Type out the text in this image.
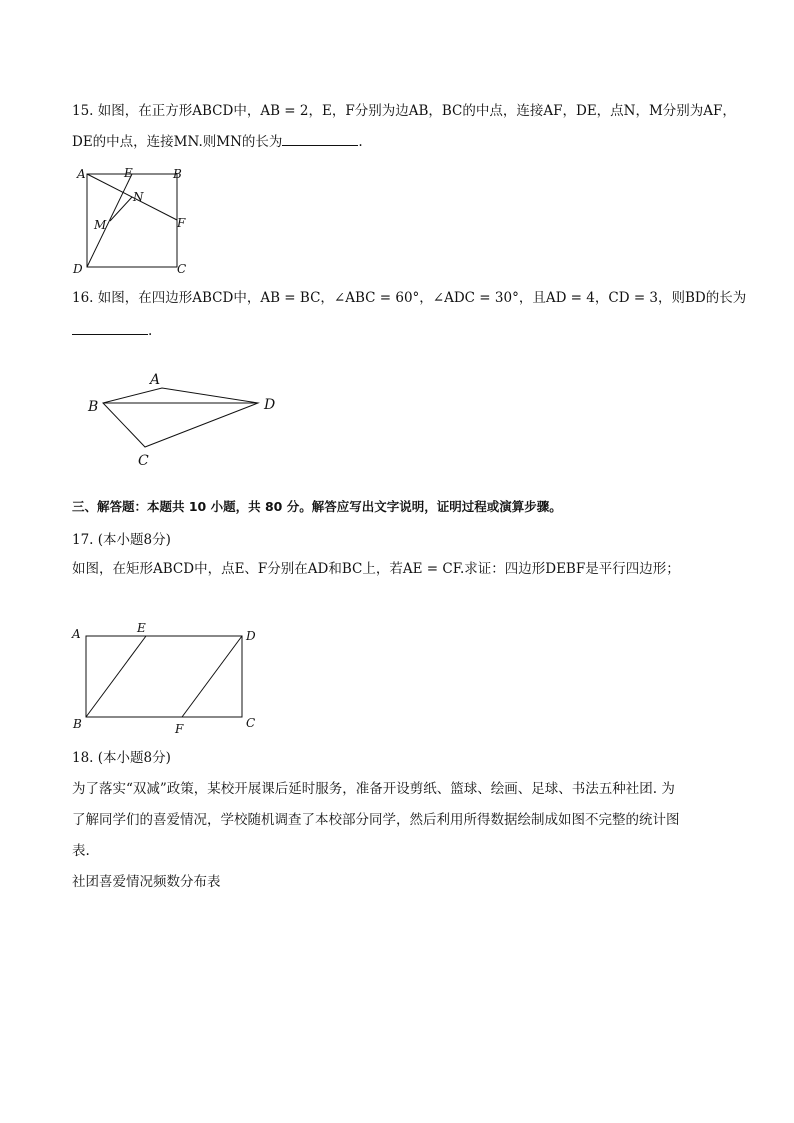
15. 如图，在正方形ABCD中，AB = 2，E，F分别为边AB，BC的中点，连接AF，DE，点N，M分别为AF，
DE的中点，连接MN.则MN的长为	.
A	E	B
N
M	F
D	C
16. 如图，在四边形ABCD中，AB = BC，∠ABC = 60°，∠ADC = 30°，且AD = 4，CD = 3，则BD的长为
.
A
B	D
C
三、解答题：本题共 10 小题，共 80 分。解答应写出文字说明，证明过程或演算步骤。
17. (本小题8分)
如图，在矩形ABCD中，点E、F分别在AD和BC上，若AE = CF.求证：四边形DEBF是平行四边形；
A	E
D
B	F	C
18. (本小题8分)
为了落实“双减”政策，某校开展课后延时服务，准备开设剪纸、篮球、绘画、足球、书法五种社团. 为
了解同学们的喜爱情况，学校随机调查了本校部分同学，然后利用所得数据绘制成如图不完整的统计图
表.
社团喜爱情况频数分布表
